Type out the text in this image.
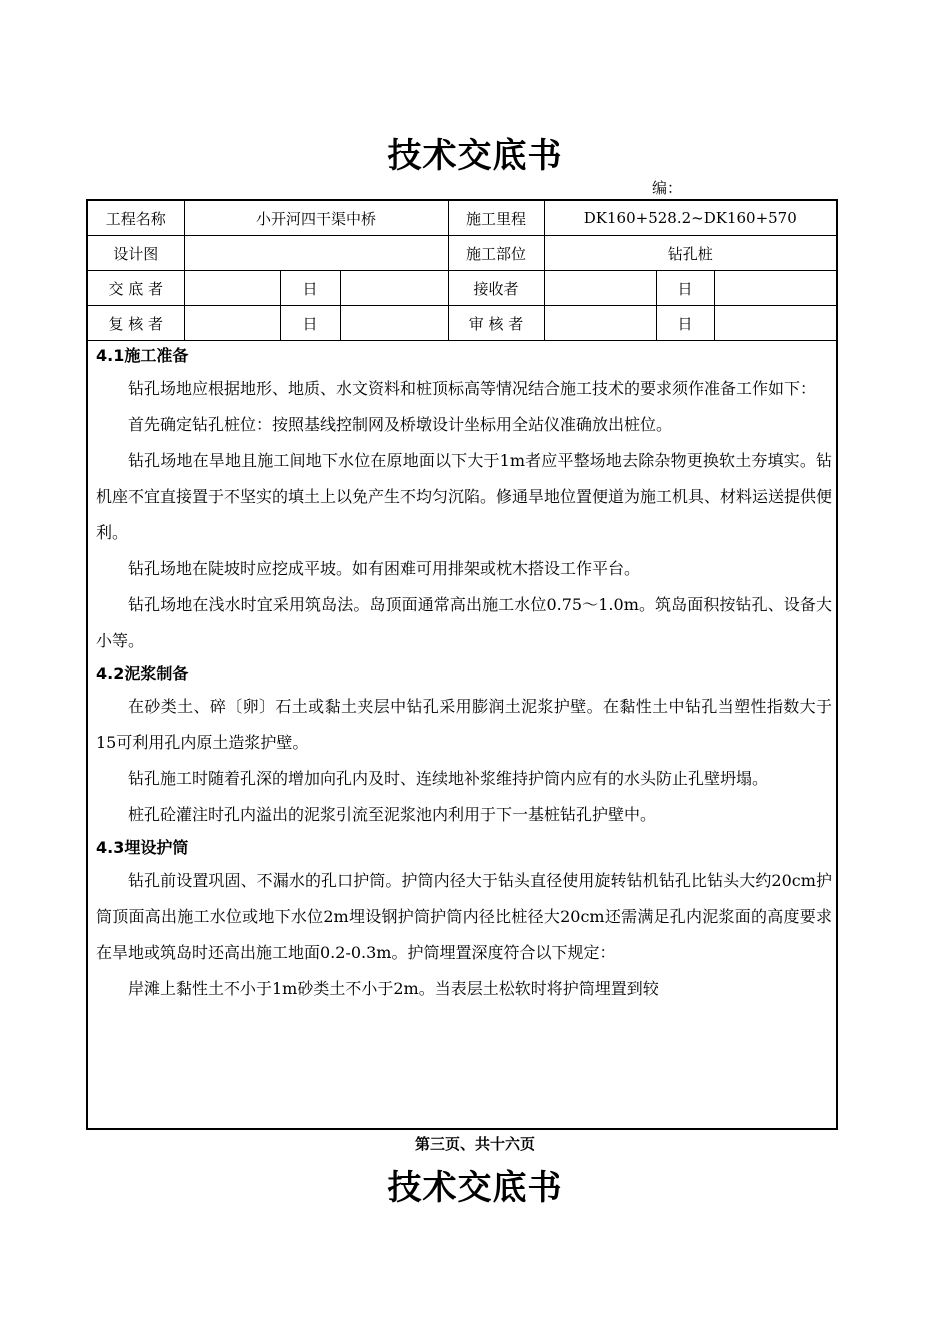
技术交底书
编：
工程名称	小开河四干渠中桥			施工里程	DK160+528.2~DK160+570		
设计图				施工部位	钻孔桩		
交 底 者		日		接收者		日	
复 核 者		日		审 核 者		日	
4.1施工准备
钻孔场地应根据地形、地质、水文资料和桩顶标高等情况结合施工技术的要求须作准备工作如下：
首先确定钻孔桩位：按照基线控制网及桥墩设计坐标用全站仪准确放出桩位。
钻孔场地在旱地且施工间地下水位在原地面以下大于1m者应平整场地去除杂物更换软土夯填实。钻机座不宜直接置于不坚实的填土上以免产生不均匀沉陷。修通旱地位置便道为施工机具、材料运送提供便利。
钻孔场地在陡坡时应挖成平坡。如有困难可用排架或枕木搭设工作平台。
钻孔场地在浅水时宜采用筑岛法。岛顶面通常高出施工水位0.75～1.0m。筑岛面积按钻孔、设备大小等。
4.2泥浆制备
在砂类土、碎〔卵〕石土或黏土夹层中钻孔采用膨润土泥浆护壁。在黏性土中钻孔当塑性指数大于15可利用孔内原土造浆护壁。
钻孔施工时随着孔深的增加向孔内及时、连续地补浆维持护筒内应有的水头防止孔壁坍塌。
桩孔砼灌注时孔内溢出的泥浆引流至泥浆池内利用于下一基桩钻孔护壁中。
4.3埋设护筒
钻孔前设置巩固、不漏水的孔口护筒。护筒内径大于钻头直径使用旋转钻机钻孔比钻头大约20cm护筒顶面高出施工水位或地下水位2m埋设钢护筒护筒内径比桩径大20cm还需满足孔内泥浆面的高度要求在旱地或筑岛时还高出施工地面0.2-0.3m。护筒埋置深度符合以下规定：
岸滩上黏性土不小于1m砂类土不小于2m。当表层土松软时将护筒埋置到较
第三页、共十六页
技术交底书
